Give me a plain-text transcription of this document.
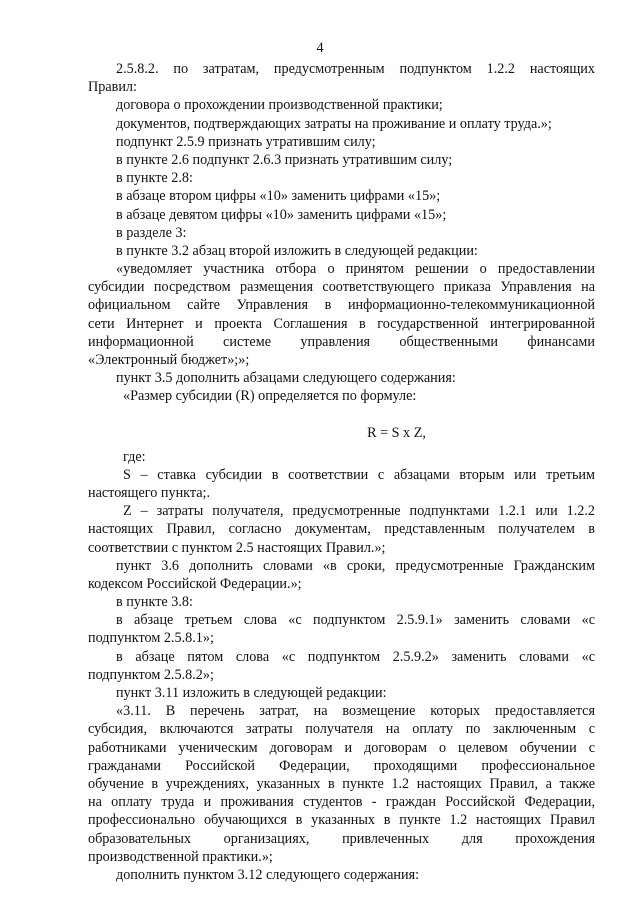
4
2.5.8.2. по затратам, предусмотренным подпунктом 1.2.2 настоящих
Правил:
договора о прохождении производственной практики;
документов, подтверждающих затраты на проживание и оплату труда.»;
подпункт 2.5.9 признать утратившим силу;
в пункте 2.6 подпункт 2.6.3 признать утратившим силу;
в пункте 2.8:
в абзаце втором цифры «10» заменить цифрами «15»;
в абзаце девятом цифры «10» заменить цифрами «15»;
в разделе 3:
в пункте 3.2 абзац второй изложить в следующей редакции:
«уведомляет участника отбора о принятом решении о предоставлении
субсидии посредством размещения соответствующего приказа Управления на
официальном сайте Управления в информационно-телекоммуникационной
сети Интернет и проекта Соглашения в государственной интегрированной
информационной системе управления общественными финансами
«Электронный бюджет»;»;
пункт 3.5 дополнить абзацами следующего содержания:
«Размер субсидии (R) определяется по формуле:
R = S x Z,
где:
S – ставка субсидии в соответствии с абзацами вторым или третьим
настоящего пункта;.
Z – затраты получателя, предусмотренные подпунктами 1.2.1 или 1.2.2
настоящих Правил, согласно документам, представленным получателем в
соответствии с пунктом 2.5 настоящих Правил.»;
пункт 3.6 дополнить словами «в сроки, предусмотренные Гражданским
кодексом Российской Федерации.»;
в пункте 3.8:
в абзаце третьем слова «с подпунктом 2.5.9.1» заменить словами «с
подпунктом 2.5.8.1»;
в абзаце пятом слова «с подпунктом 2.5.9.2» заменить словами «с
подпунктом 2.5.8.2»;
пункт 3.11 изложить в следующей редакции:
«3.11. В перечень затрат, на возмещение которых предоставляется
субсидия, включаются затраты получателя на оплату по заключенным с
работниками ученическим договорам и договорам о целевом обучении с
гражданами Российской Федерации, проходящими профессиональное
обучение в учреждениях, указанных в пункте 1.2 настоящих Правил, а также
на оплату труда и проживания студентов - граждан Российской Федерации,
профессионально обучающихся в указанных в пункте 1.2 настоящих Правил
образовательных организациях, привлеченных для прохождения
производственной практики.»;
дополнить пунктом 3.12 следующего содержания:
